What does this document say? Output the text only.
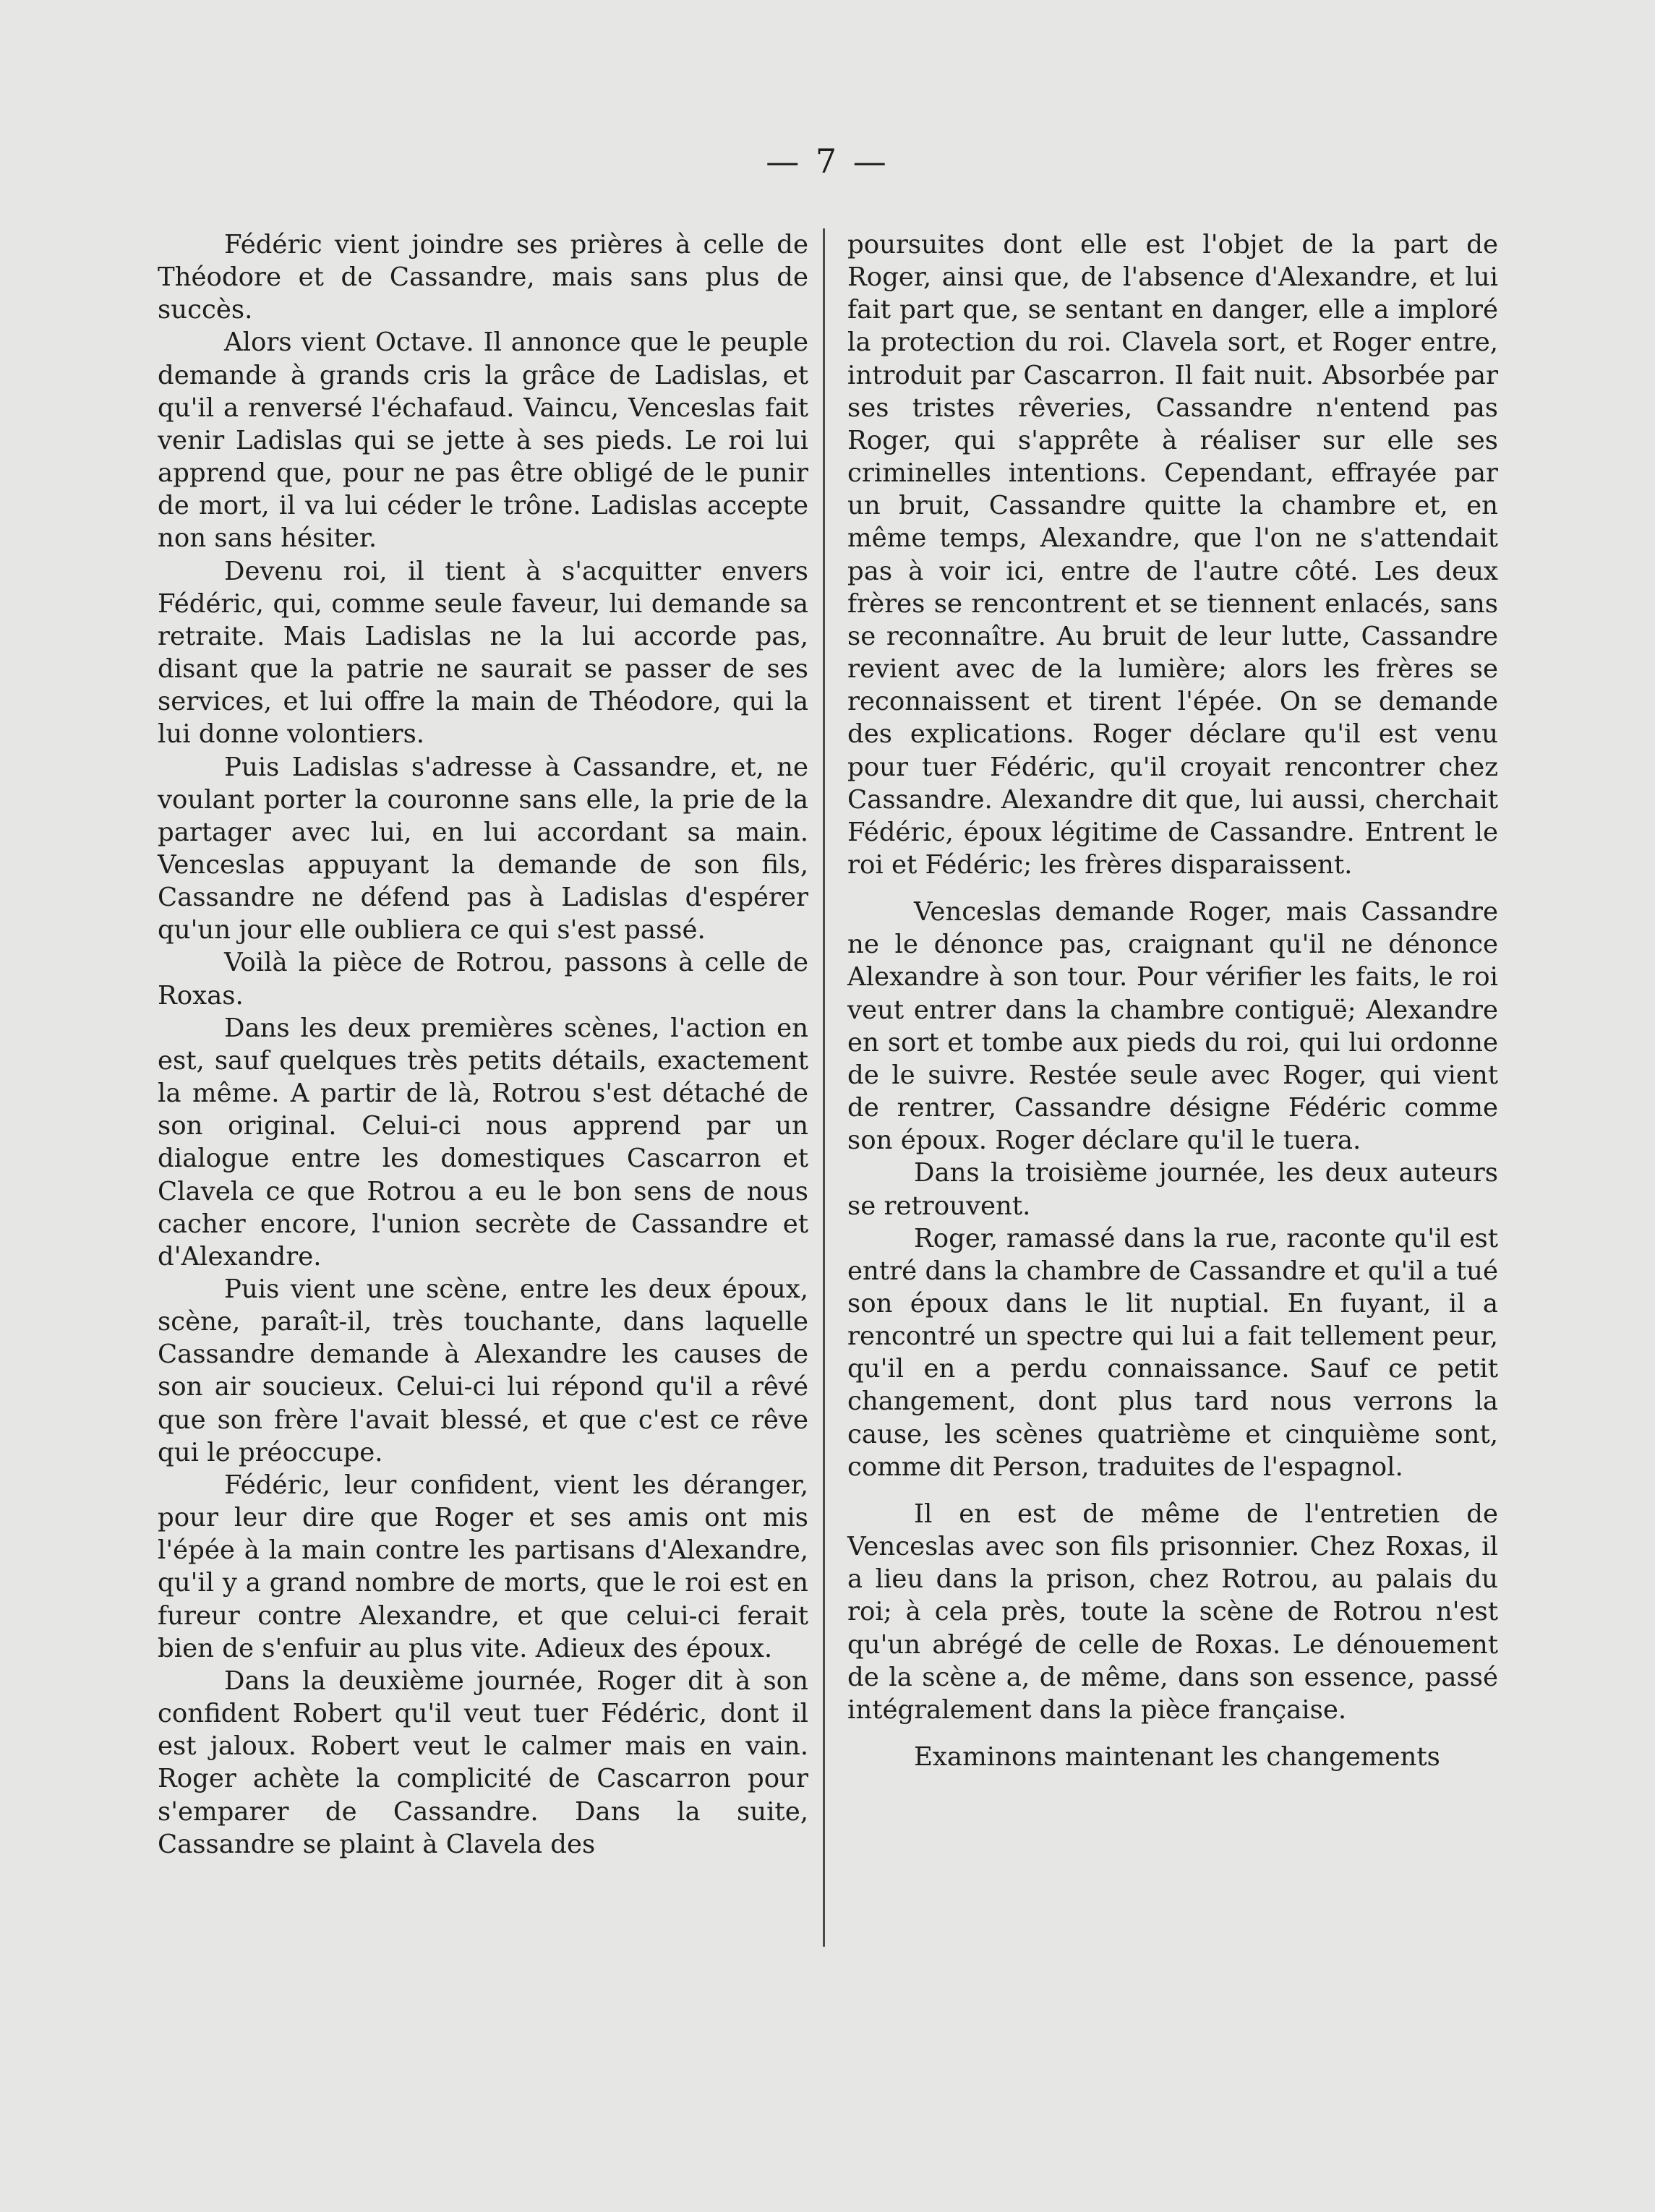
— 7 —

Fédéric vient joindre ses prières à celle de Théodore et de Cassandre, mais sans plus de succès.

Alors vient Octave. Il annonce que le peuple demande à grands cris la grâce de Ladislas, et qu'il a renversé l'échafaud. Vaincu, Venceslas fait venir Ladislas qui se jette à ses pieds. Le roi lui apprend que, pour ne pas être obligé de le punir de mort, il va lui céder le trône. Ladislas accepte non sans hésiter.

Devenu roi, il tient à s'acquitter envers Fédéric, qui, comme seule faveur, lui demande sa retraite. Mais Ladislas ne la lui accorde pas, disant que la patrie ne saurait se passer de ses services, et lui offre la main de Théodore, qui la lui donne volontiers.

Puis Ladislas s'adresse à Cassandre, et, ne voulant porter la couronne sans elle, la prie de la partager avec lui, en lui accordant sa main. Venceslas appuyant la demande de son fils, Cassandre ne défend pas à Ladislas d'espérer qu'un jour elle oubliera ce qui s'est passé.

Voilà la pièce de Rotrou, passons à celle de Roxas.

Dans les deux premières scènes, l'action en est, sauf quelques très petits détails, exactement la même. A partir de là, Rotrou s'est détaché de son original. Celui-ci nous apprend par un dialogue entre les domestiques Cascarron et Clavela ce que Rotrou a eu le bon sens de nous cacher encore, l'union secrète de Cassandre et d'Alexandre.

Puis vient une scène, entre les deux époux, scène, paraît-il, très touchante, dans laquelle Cassandre demande à Alexandre les causes de son air soucieux. Celui-ci lui répond qu'il a rêvé que son frère l'avait blessé, et que c'est ce rêve qui le préoccupe.

Fédéric, leur confident, vient les déranger, pour leur dire que Roger et ses amis ont mis l'épée à la main contre les partisans d'Alexandre, qu'il y a grand nombre de morts, que le roi est en fureur contre Alexandre, et que celui-ci ferait bien de s'enfuir au plus vite. Adieux des époux.

Dans la deuxième journée, Roger dit à son confident Robert qu'il veut tuer Fédéric, dont il est jaloux. Robert veut le calmer mais en vain. Roger achète la complicité de Cascarron pour s'emparer de Cassandre. Dans la suite, Cassandre se plaint à Clavela des

poursuites dont elle est l'objet de la part de Roger, ainsi que, de l'absence d'Alexandre, et lui fait part que, se sentant en danger, elle a imploré la protection du roi. Clavela sort, et Roger entre, introduit par Cascarron. Il fait nuit. Absorbée par ses tristes rêveries, Cassandre n'entend pas Roger, qui s'apprête à réaliser sur elle ses criminelles intentions. Cependant, effrayée par un bruit, Cassandre quitte la chambre et, en même temps, Alexandre, que l'on ne s'attendait pas à voir ici, entre de l'autre côté. Les deux frères se rencontrent et se tiennent enlacés, sans se reconnaître. Au bruit de leur lutte, Cassandre revient avec de la lumière; alors les frères se reconnaissent et tirent l'épée. On se demande des explications. Roger déclare qu'il est venu pour tuer Fédéric, qu'il croyait rencontrer chez Cassandre. Alexandre dit que, lui aussi, cherchait Fédéric, époux légitime de Cassandre. Entrent le roi et Fédéric; les frères disparaissent.

Venceslas demande Roger, mais Cassandre ne le dénonce pas, craignant qu'il ne dénonce Alexandre à son tour. Pour vérifier les faits, le roi veut entrer dans la chambre contiguë; Alexandre en sort et tombe aux pieds du roi, qui lui ordonne de le suivre. Restée seule avec Roger, qui vient de rentrer, Cassandre désigne Fédéric comme son époux. Roger déclare qu'il le tuera.

Dans la troisième journée, les deux auteurs se retrouvent.

Roger, ramassé dans la rue, raconte qu'il est entré dans la chambre de Cassandre et qu'il a tué son époux dans le lit nuptial. En fuyant, il a rencontré un spectre qui lui a fait tellement peur, qu'il en a perdu connaissance. Sauf ce petit changement, dont plus tard nous verrons la cause, les scènes quatrième et cinquième sont, comme dit Person, traduites de l'espagnol.

Il en est de même de l'entretien de Venceslas avec son fils prisonnier. Chez Roxas, il a lieu dans la prison, chez Rotrou, au palais du roi; à cela près, toute la scène de Rotrou n'est qu'un abrégé de celle de Roxas. Le dénouement de la scène a, de même, dans son essence, passé intégralement dans la pièce française.

Examinons maintenant les changements
